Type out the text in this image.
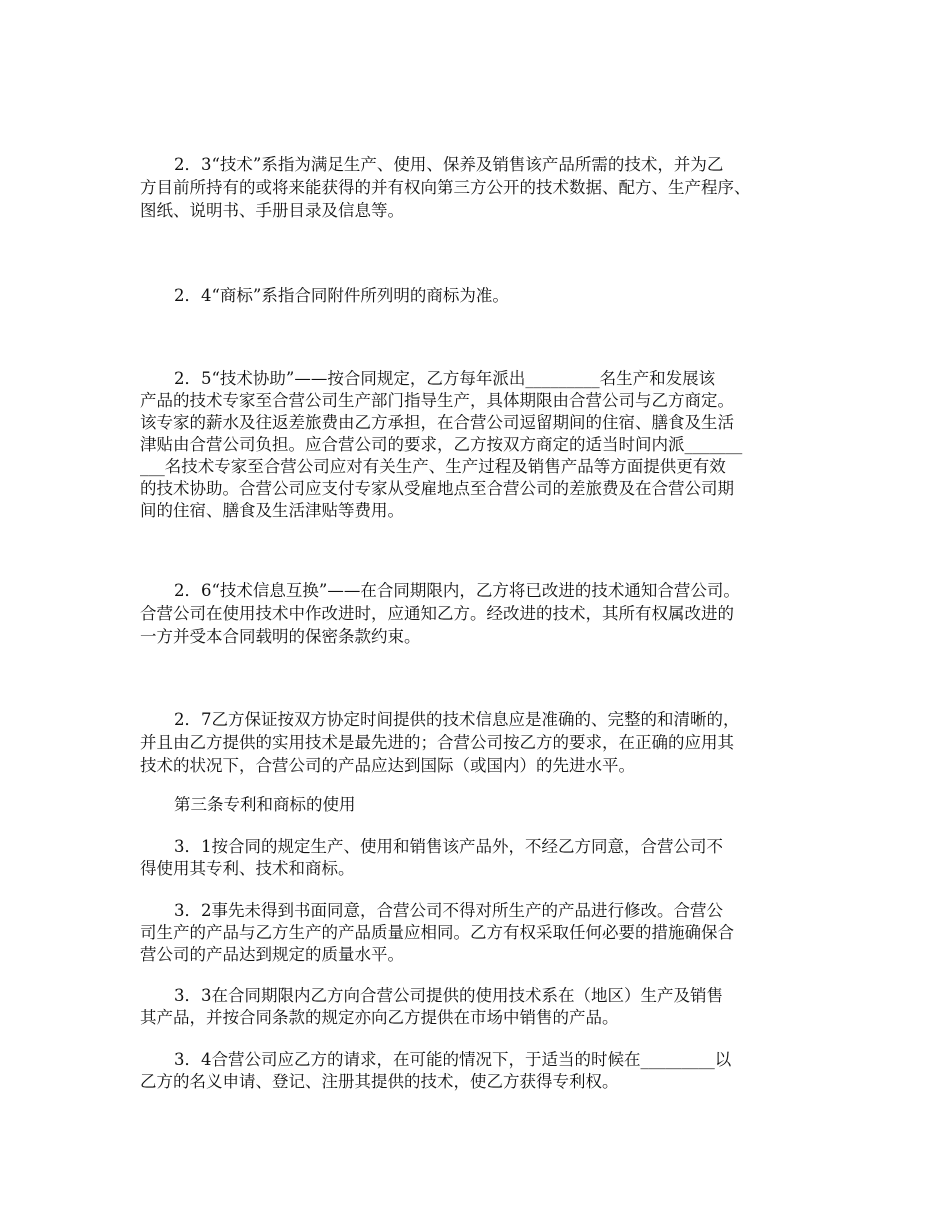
2．3“技术”系指为满足生产、使用、保养及销售该产品所需的技术，并为乙
方目前所持有的或将来能获得的并有权向第三方公开的技术数据、配方、生产程序、
图纸、说明书、手册目录及信息等。
2．4“商标”系指合同附件所列明的商标为准。
2．5“技术协助”——按合同规定，乙方每年派出_________名生产和发展该
产品的技术专家至合营公司生产部门指导生产，具体期限由合营公司与乙方商定。
该专家的薪水及往返差旅费由乙方承担，在合营公司逗留期间的住宿、膳食及生活
津贴由合营公司负担。应合营公司的要求，乙方按双方商定的适当时间内派_______
___名技术专家至合营公司应对有关生产、生产过程及销售产品等方面提供更有效
的技术协助。合营公司应支付专家从受雇地点至合营公司的差旅费及在合营公司期
间的住宿、膳食及生活津贴等费用。
2．6“技术信息互换”——在合同期限内，乙方将已改进的技术通知合营公司。
合营公司在使用技术中作改进时，应通知乙方。经改进的技术，其所有权属改进的
一方并受本合同载明的保密条款约束。
2．7乙方保证按双方协定时间提供的技术信息应是准确的、完整的和清晰的，
并且由乙方提供的实用技术是最先进的；合营公司按乙方的要求，在正确的应用其
技术的状况下，合营公司的产品应达到国际（或国内）的先进水平。
第三条专利和商标的使用
3．1按合同的规定生产、使用和销售该产品外，不经乙方同意，合营公司不
得使用其专利、技术和商标。
3．2事先未得到书面同意，合营公司不得对所生产的产品进行修改。合营公
司生产的产品与乙方生产的产品质量应相同。乙方有权采取任何必要的措施确保合
营公司的产品达到规定的质量水平。
3．3在合同期限内乙方向合营公司提供的使用技术系在（地区）生产及销售
其产品，并按合同条款的规定亦向乙方提供在市场中销售的产品。
3．4合营公司应乙方的请求，在可能的情况下，于适当的时候在_________以
乙方的名义申请、登记、注册其提供的技术，使乙方获得专利权。
